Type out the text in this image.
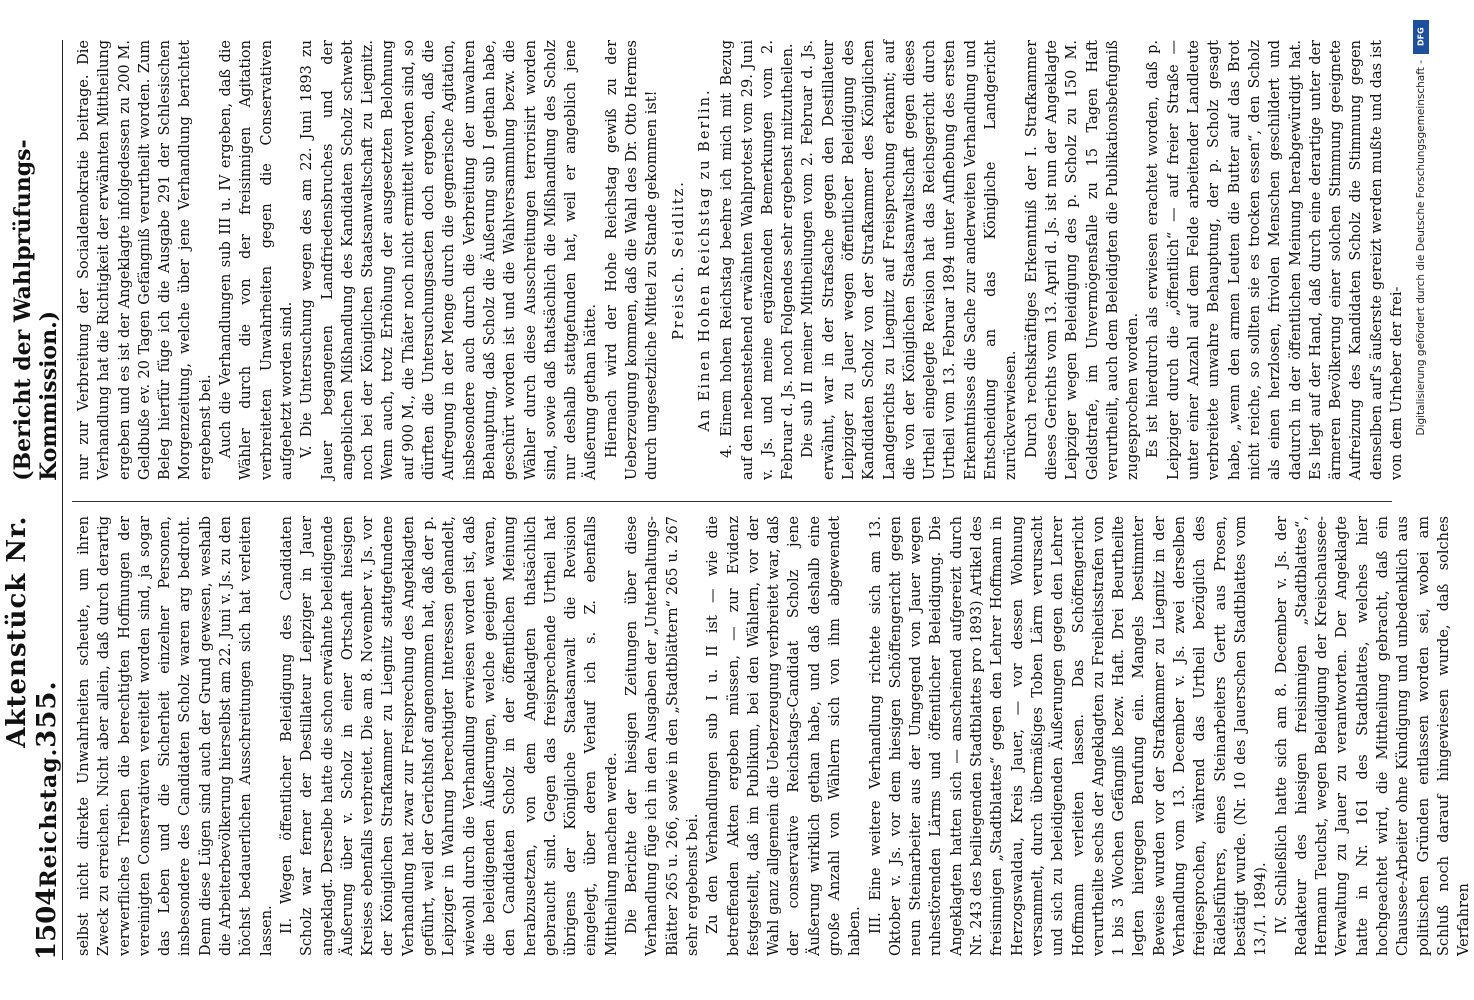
1504
Reichstag.
Aktenstück Nr. 355.
(Bericht der Wahlprüfungs-Kommission.)

selbst nicht direkte Unwahrheiten scheute, um ihren Zweck zu erreichen. Nicht aber allein, daß durch derartig verwerfliches Treiben die berechtigten Hoffnungen der vereinigten Conservativen vereitelt worden sind, ja sogar das Leben und die Sicherheit einzelner Personen, insbesondere des Candidaten Scholz waren arg bedroht. Denn diese Lügen sind auch der Grund gewesen, weshalb die Arbeiterbevölkerung hierselbst am 22. Juni v. Js. zu den höchst bedauerlichen Ausschreitungen sich hat verleiten lassen. II. Wegen öffentlicher Beleidigung des Candidaten Scholz war ferner der Destillateur Leipziger in Jauer angeklagt. Derselbe hatte die schon erwähnte beleidigende Äußerung über v. Scholz in einer Ortschaft hiesigen Kreises ebenfalls verbreitet. Die am 8. November v. Js. vor der Königlichen Strafkammer zu Liegnitz stattgefundene Verhandlung hat zwar zur Freisprechung des Angeklagten geführt, weil der Gerichtshof angenommen hat, daß der p. Leipziger in Wahrung berechtigter Interessen gehandelt, wiewohl durch die Verhandlung erwiesen worden ist, daß die beleidigenden Äußerungen, welche geeignet waren, den Candidaten Scholz in der öffentlichen Meinung herabzusetzen, von dem Angeklagten thatsächlich gebraucht sind. Gegen das freisprechende Urtheil hat übrigens der Königliche Staatsanwalt die Revision eingelegt, über deren Verlauf ich s. Z. ebenfalls Mittheilung machen werde. Die Berichte der hiesigen Zeitungen über diese Verhandlung füge ich in den Ausgaben der „Unterhaltungs-Blätter 265 u. 266, sowie in den „Stadtblättern“ 265 u. 267 sehr ergebenst bei. Zu den Verhandlungen sub I u. II ist — wie die betreffenden Akten ergeben müssen, — zur Evidenz festgestellt, daß im Publikum, bei den Wählern, vor der Wahl ganz allgemein die Ueberzeugung verbreitet war, daß der conservative Reichstags-Candidat Scholz jene Äußerung wirklich gethan habe, und daß deshalb eine große Anzahl von Wählern sich von ihm abgewendet haben. III. Eine weitere Verhandlung richtete sich am 13. Oktober v. Js. vor dem hiesigen Schöffengericht gegen neun Steinarbeiter aus der Umgegend von Jauer wegen ruhestörenden Lärms und öffentlicher Beleidigung. Die Angeklagten hatten sich — anscheinend aufgereizt durch Nr. 243 des beiliegenden Stadtblattes pro 1893) Artikel des freisinnigen „Stadtblattes“ gegen den Lehrer Hoffmann in Herzogswaldau, Kreis Jauer, — vor dessen Wohnung versammelt, durch übermäßiges Toben Lärm verursacht und sich zu beleidigenden Äußerungen gegen den Lehrer Hoffmann verleiten lassen. Das Schöffengericht verurtheilte sechs der Angeklagten zu Freiheitsstrafen von 1 bis 3 Wochen Gefängniß bezw. Haft. Drei Beurtheilte legten hiergegen Berufung ein. Mangels bestimmter Beweise wurden vor der Strafkammer zu Liegnitz in der Verhandlung vom 13. December v. Js. zwei derselben freigesprochen, während das Urtheil bezüglich des Rädelsführers, eines Steinarbeiters Gertt aus Prosen, bestätigt wurde. (Nr. 10 des Jauerschen Stadtblattes vom 13./1. 1894). IV. Schließlich hatte sich am 8. December v. Js. der Redakteur des hiesigen freisinnigen „Stadtblattes“, Hermann Teuchst, wegen Beleidigung der Kreischaussee-Verwaltung zu Jauer zu verantworten. Der Angeklagte hatte in Nr. 161 des Stadtblattes, welches hier hochgeachtet wird, die Mittheilung gebracht, daß ein Chaussee-Arbeiter ohne Kündigung und unbedenklich aus politischen Gründen entlassen worden sei, wobei am Schluß noch darauf hingewiesen wurde, daß solches Verfahren

nur zur Verbreitung der Socialdemokratie beitrage. Die Verhandlung hat die Richtigkeit der erwähnten Mittheilung ergeben und es ist der Angeklagte infolgedessen zu 200 M. Geldbuße ev. 20 Tagen Gefängniß verurtheilt worden. Zum Beleg hierfür füge ich die Ausgabe 291 der Schlesischen Morgenzeitung, welche über jene Verhandlung berichtet ergebenst bei. Auch die Verhandlungen sub III u. IV ergeben, daß die Wähler durch die von der freisinnigen Agitation verbreiteten Unwahrheiten gegen die Conservativen aufgehetzt worden sind. V. Die Untersuchung wegen des am 22. Juni 1893 zu Jauer begangenen Landfriedensbruches und der angeblichen Mißhandlung des Kandidaten Scholz schwebt noch bei der Königlichen Staatsanwaltschaft zu Liegnitz. Wenn auch, trotz Erhöhung der ausgesetzten Belohnung auf 900 M., die Thäter noch nicht ermittelt worden sind, so dürften die Untersuchungsacten doch ergeben, daß die Aufregung in der Menge durch die gegnerische Agitation, insbesondere auch durch die Verbreitung der unwahren Behauptung, daß Scholz die Äußerung sub I gethan habe, geschürt worden ist und die Wahlversammlung bezw. die Wähler durch diese Ausschreitungen terrorisirt worden sind, sowie daß thatsächlich die Mißhandlung des Scholz nur deshalb stattgefunden hat, weil er angeblich jene Äußerung gethan hätte. Hiernach wird der Hohe Reichstag gewiß zu der Ueberzeugung kommen, daß die Wahl des Dr. Otto Hermes durch ungesetzliche Mittel zu Stande gekommen ist! Preisch. Seidlitz. An Einen Hohen Reichstag zu Berlin. 4. Einem hohen Reichstag beehre ich mich mit Bezug auf den nebenstehend erwähnten Wahlprotest vom 29. Juni v. Js. und meine ergänzenden Bemerkungen vom 2. Februar d. Js. noch Folgendes sehr ergebenst mitzutheilen. Die sub II meiner Mittheilungen vom 2. Februar d. Js. erwähnt, war in der Strafsache gegen den Destillateur Leipziger zu Jauer wegen öffentlicher Beleidigung des Kandidaten Scholz von der Strafkammer des Königlichen Landgerichts zu Liegnitz auf Freisprechung erkannt; auf die von der Königlichen Staatsanwaltschaft gegen dieses Urtheil eingelegte Revision hat das Reichsgericht durch Urtheil vom 13. Februar 1894 unter Aufhebung des ersten Erkenntnisses die Sache zur anderweiten Verhandlung und Entscheidung an das Königliche Landgericht zurückverwiesen. Durch rechtskräftiges Erkenntniß der I. Strafkammer dieses Gerichts vom 13. April d. Js. ist nun der Angeklagte Leipziger wegen Beleidigung des p. Scholz zu 150 M. Geldstrafe, im Unvermögensfalle zu 15 Tagen Haft verurtheilt, auch dem Beleidigten die Publikationsbefugniß zugesprochen worden. Es ist hierdurch als erwiesen erachtet worden, daß p. Leipziger durch die „öffentlich“ — auf freier Straße — unter einer Anzahl auf dem Felde arbeitender Landleute verbreitete unwahre Behauptung, der p. Scholz gesagt habe, „wenn den armen Leuten die Butter auf das Brot nicht reiche, so sollten sie es trocken essen“, den Scholz als einen herzlosen, frivolen Menschen geschildert und dadurch in der öffentlichen Meinung herabgewürdigt hat. Es liegt auf der Hand, daß durch eine derartige unter der ärmeren Bevölkerung einer solchen Stimmung geeignete Aufreizung des Kandidaten Scholz die Stimmung gegen denselben auf's äußerste gereizt werden mußte und das ist von dem Urheber der frei-

DFG
Digitalisierung gefördert durch die Deutsche Forschungsgemeinschaft -
